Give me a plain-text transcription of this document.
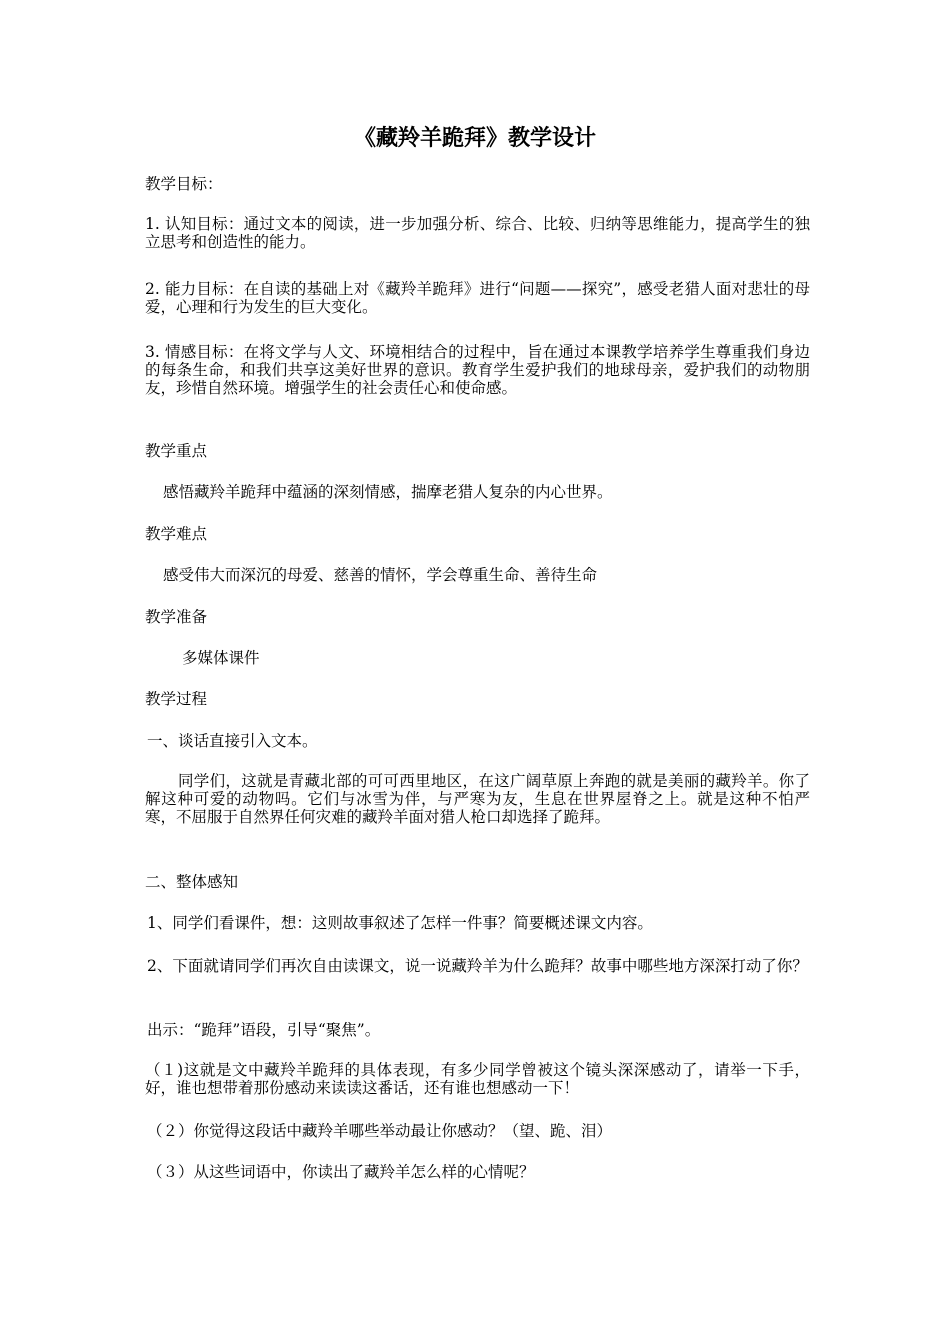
《藏羚羊跪拜》教学设计
教学目标：
1. 认知目标：通过文本的阅读，进一步加强分析、综合、比较、归纳等思维能力，提高学生的独立思考和创造性的能力。
2. 能力目标：在自读的基础上对《藏羚羊跪拜》进行“问题——探究”，感受老猎人面对悲壮的母爱，心理和行为发生的巨大变化。
3. 情感目标：在将文学与人文、环境相结合的过程中，旨在通过本课教学培养学生尊重我们身边的每条生命，和我们共享这美好世界的意识。教育学生爱护我们的地球母亲，爱护我们的动物朋友，珍惜自然环境。增强学生的社会责任心和使命感。
教学重点
感悟藏羚羊跪拜中蕴涵的深刻情感，揣摩老猎人复杂的内心世界。
教学难点
感受伟大而深沉的母爱、慈善的情怀，学会尊重生命、善待生命
教学准备
多媒体课件
教学过程
一、谈话直接引入文本。
同学们，这就是青藏北部的可可西里地区，在这广阔草原上奔跑的就是美丽的藏羚羊。你了解这种可爱的动物吗。它们与冰雪为伴，与严寒为友，生息在世界屋脊之上。就是这种不怕严寒，不屈服于自然界任何灾难的藏羚羊面对猎人枪口却选择了跪拜。
二、整体感知
1、同学们看课件，想：这则故事叙述了怎样一件事？简要概述课文内容。
2、下面就请同学们再次自由读课文，说一说藏羚羊为什么跪拜？故事中哪些地方深深打动了你？
出示：“跪拜”语段，引导“聚焦”。
（１)这就是文中藏羚羊跪拜的具体表现，有多少同学曾被这个镜头深深感动了，请举一下手，好，谁也想带着那份感动来读读这番话，还有谁也想感动一下！
（２）你觉得这段话中藏羚羊哪些举动最让你感动？（望、跪、泪）
（３）从这些词语中，你读出了藏羚羊怎么样的心情呢？
